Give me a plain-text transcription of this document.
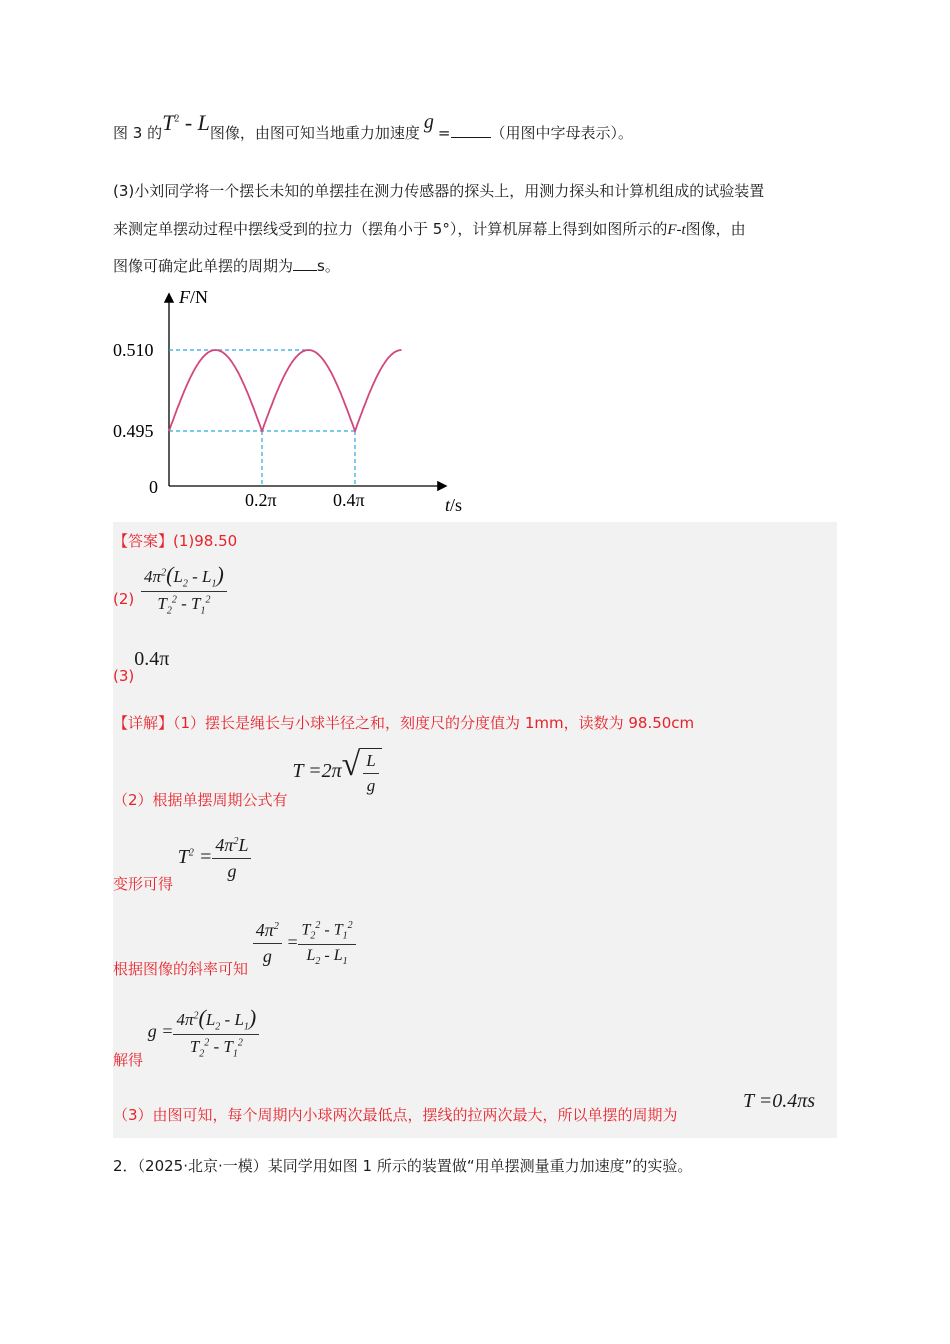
图 3 的$T^2$ - L图像，由图可知当地重力加速度 g =	（用图中字母表示）。
(3)小刘同学将一个摆长未知的单摆挂在测力传感器的探头上，用测力探头和计算机组成的试验装置
来测定单摆动过程中摆线受到的拉力（摆角小于 5°），计算机屏幕上得到如图所示的F-t图像，由
图像可确定此单摆的周期为 s。
F/N
0.510
0.495
0
0.2π	0.4π	t/s
【答案】(1)98.50
$(2) \frac{4\pi^2(L_2 - L_1)}{T_2^2 - T_1^2}$
(3)0.4π
【详解】（1）摆长是绳长与小球半径之和，刻度尺的分度值为 1mm，读数为 98.50cm
（2）根据单摆周期公式有 T =2π √ $\frac{L}{g}$
变形可得 $T^2 = \frac{4\pi^2L}{g}$
根据图像的斜率可知
$\frac{4\pi^2}{g} = \frac{T_2^2 - T_1^2}{L_2 - L_1}$
解得 $g = \frac{4\pi^2(L_2 - L_1)}{T_2^2 - T_1^2}$
（3）由图可知，每个周期内小球两次最低点，摆线的拉两次最大，所以单摆的周期为
T =0.4πs
2．（2025·北京·一模）某同学用如图 1 所示的装置做“用单摆测量重力加速度”的实验。
